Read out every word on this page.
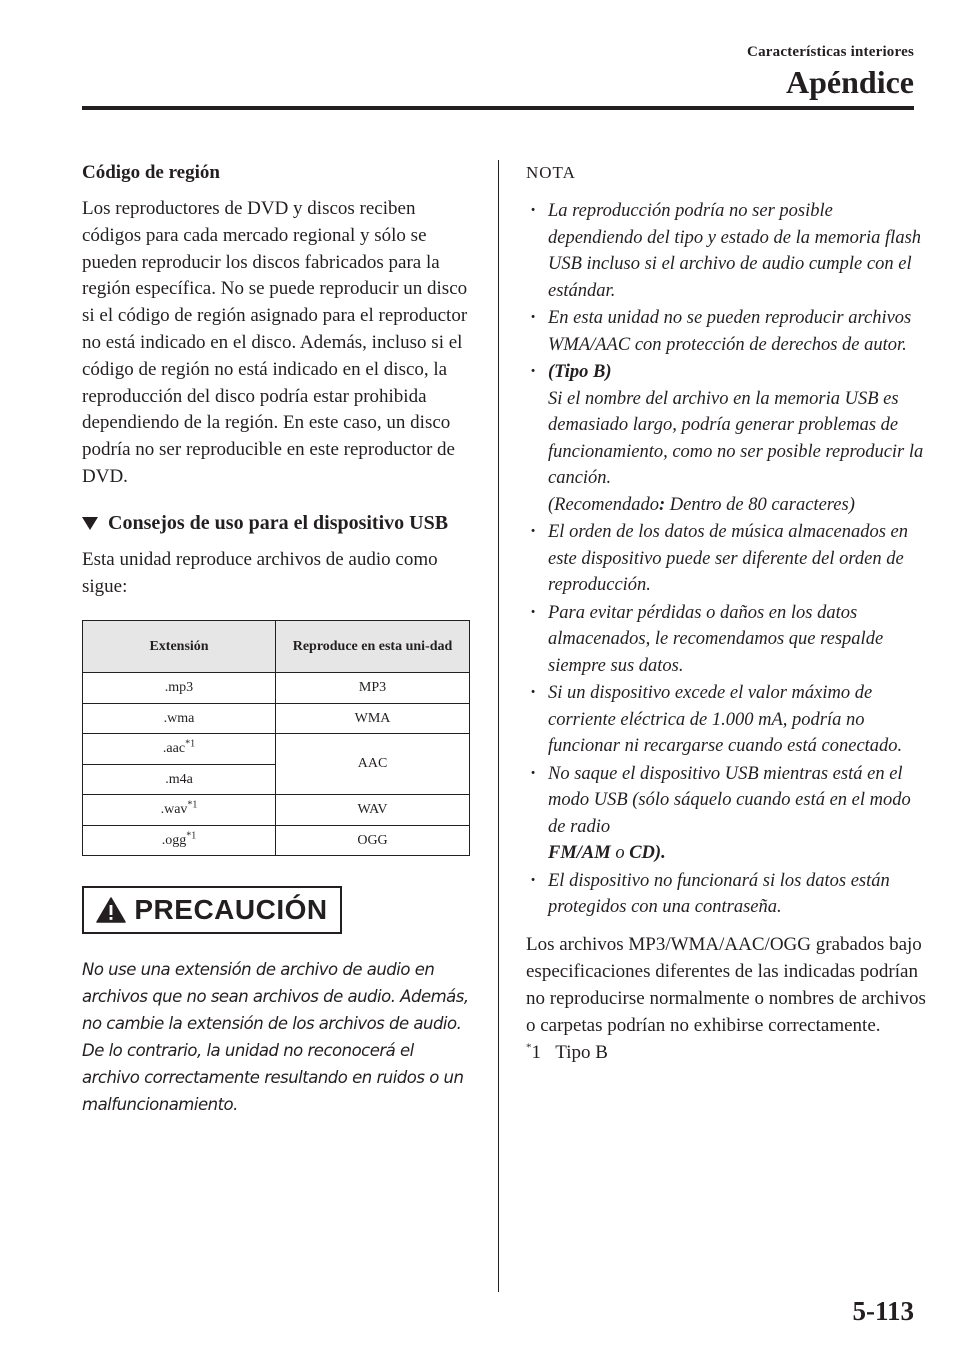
Características interiores
Apéndice
Código de región

Los reproductores de DVD y discos reciben códigos para cada mercado regional y sólo se pueden reproducir los discos fabricados para la región específica. No se puede reproducir un disco si el código de región asignado para el reproductor no está indicado en el disco. Además, incluso si el código de región no está indicado en el disco, la reproducción del disco podría estar prohibida dependiendo de la región. En este caso, un disco podría no ser reproducible en este reproductor de DVD.

Consejos de uso para el dispositivo USB

Esta unidad reproduce archivos de audio como sigue:

Extensión	Reproduce en esta uni-dad
.mp3	MP3
.wma	WMA
.aac$^{*1}$	AAC
.m4a	
.wav$^{*1}$	WAV
.ogg$^{*1}$	OGG
PRECAUCIÓN

No use una extensión de archivo de audio en archivos que no sean archivos de audio. Además, no cambie la extensión de los archivos de audio. De lo contrario, la unidad no reconocerá el archivo correctamente resultando en ruidos o un malfuncionamiento.

NOTA
· La reproducción podría no ser posible dependiendo del tipo y estado de la memoria flash USB incluso si el archivo de audio cumple con el estándar.
· En esta unidad no se pueden reproducir archivos WMA/AAC con protección de derechos de autor.
· (Tipo B)
Si el nombre del archivo en la memoria USB es demasiado largo, podría generar problemas de funcionamiento, como no ser posible reproducir la canción.
(Recomendado: Dentro de 80 caracteres)
· El orden de los datos de música almacenados en este dispositivo puede ser diferente del orden de reproducción.
· Para evitar pérdidas o daños en los datos almacenados, le recomendamos que respalde siempre sus datos.
· Si un dispositivo excede el valor máximo de corriente eléctrica de 1.000 mA, podría no funcionar ni recargarse cuando está conectado.
· No saque el dispositivo USB mientras está en el modo USB (sólo sáquelo cuando está en el modo de radio
FM/AM o CD).
· El dispositivo no funcionará si los datos están protegidos con una contraseña.

Los archivos MP3/WMA/AAC/OGG grabados bajo especificaciones diferentes de las indicadas podrían no reproducirse normalmente o nombres de archivos o carpetas podrían no exhibirse correctamente.

*1 Tipo B

5-113
